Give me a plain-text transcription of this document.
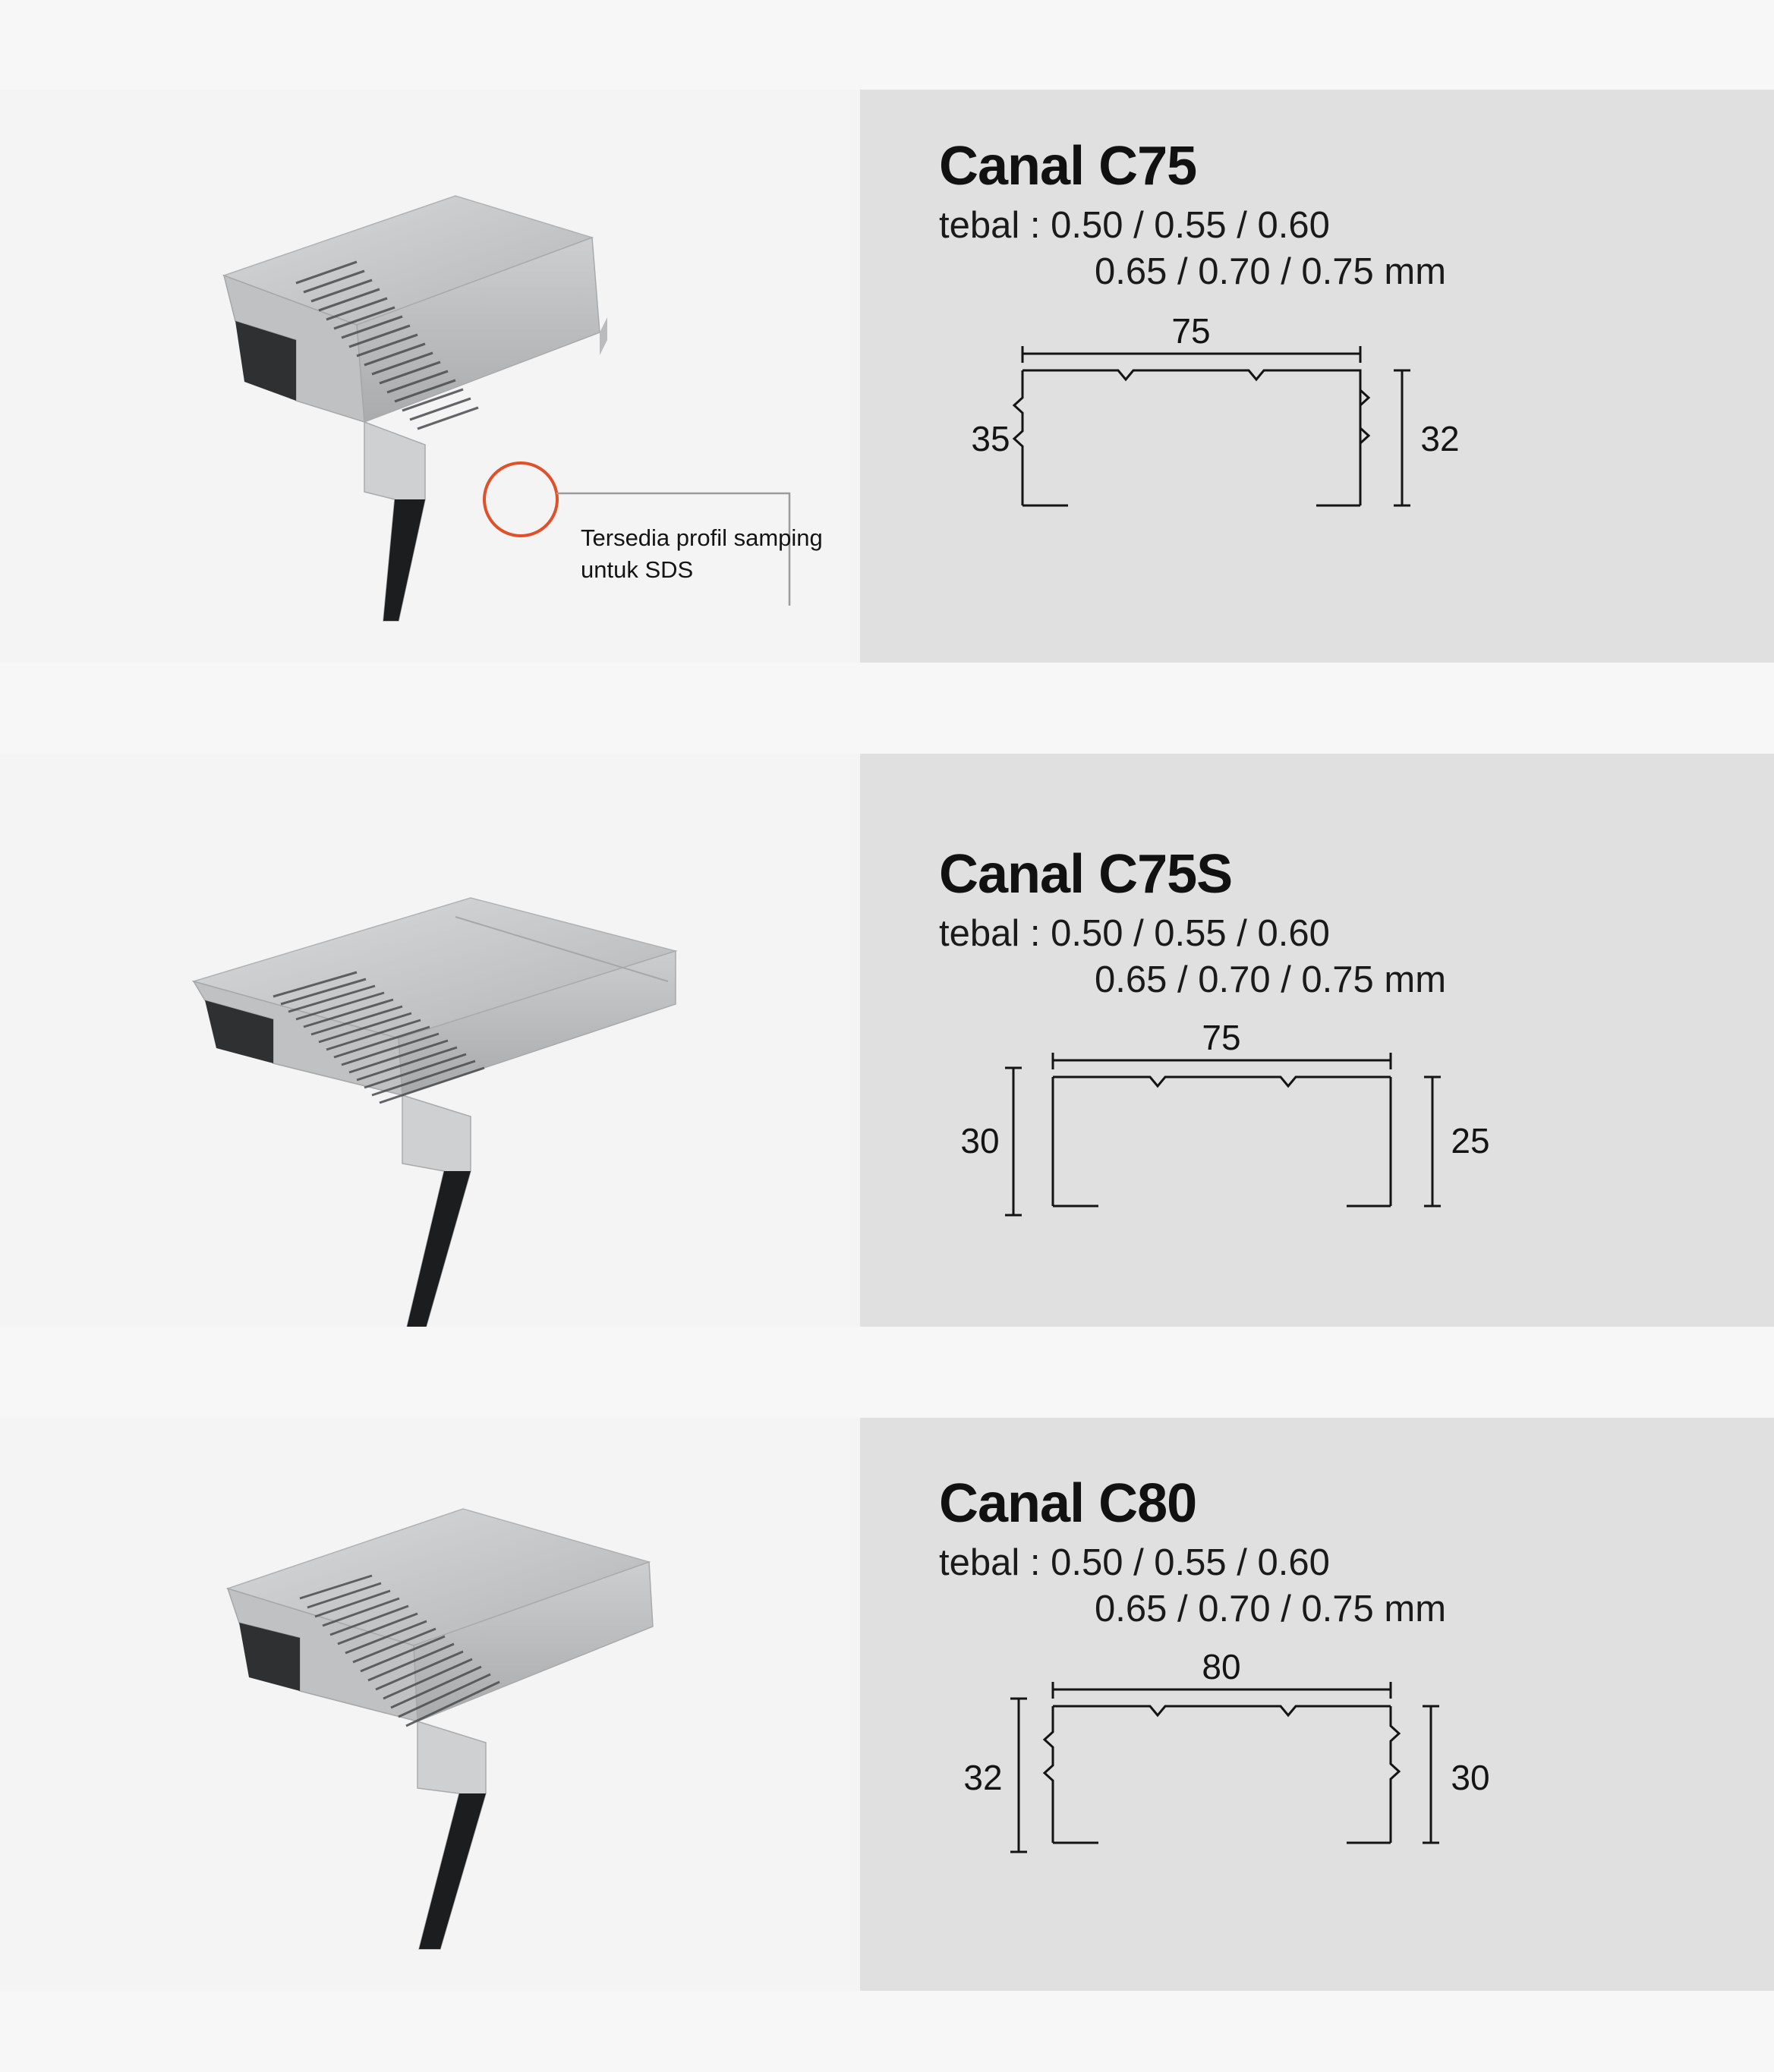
Tersedia profil samping untuk SDS
Canal C75
tebal : 0.50 / 0.55 / 0.60
0.65 / 0.70 / 0.75 mm
75
35	32
Canal C75S
tebal : 0.50 / 0.55 / 0.60
0.65 / 0.70 / 0.75 mm
75
30	25
Canal C80
tebal : 0.50 / 0.55 / 0.60
0.65 / 0.70 / 0.75 mm
80
32	30
